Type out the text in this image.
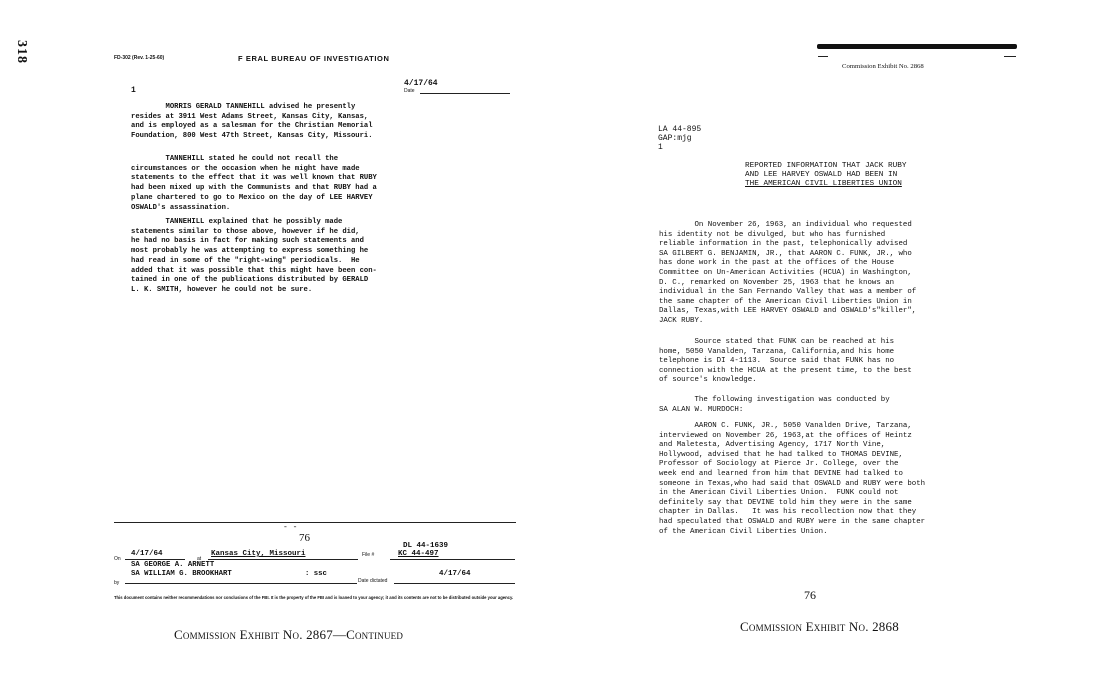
318	FD-302 (Rev. 1-25-60)	F ERAL BUREAU OF INVESTIGATION
4/17/64
Date
1
MORRIS GERALD TANNEHILL advised he presently
resides at 3911 West Adams Street, Kansas City, Kansas,
and is employed as a salesman for the Christian Memorial
Foundation, 800 West 47th Street, Kansas City, Missouri.
TANNEHILL stated he could not recall the
circumstances or the occasion when he might have made
statements to the effect that it was well known that RUBY
had been mixed up with the Communists and that RUBY had a
plane chartered to go to Mexico on the day of LEE HARVEY
OSWALD's assassination.
TANNEHILL explained that he possibly made
statements similar to those above, however if he did,
he had no basis in fact for making such statements and
most probably he was attempting to express something he
had read in some of the "right-wing" periodicals.  He
added that it was possible that this might have been con-
tained in one of the publications distributed by GERALD
L. K. SMITH, however he could not be sure.
- -
76
DL 44-1639
On
4/17/64
at
Kansas City, Missouri	File #	KC 44-497
SA GEORGE A. ARNETT
SA WILLIAM G. BROOKHART	: ssc
by	Date dictated
4/17/64
This document contains neither recommendations nor conclusions of the FBI. It is the property of the FBI and is loaned to your agency; it and its contents are not to be distributed outside your agency.
Commission Exhibit No. 2867—Continued
Commission Exhibit No. 2868
LA 44-895
GAP:mjg
1
REPORTED INFORMATION THAT JACK RUBY
AND LEE HARVEY OSWALD HAD BEEN IN
THE AMERICAN CIVIL LIBERTIES UNION
On November 26, 1963, an individual who requested
his identity not be divulged, but who has furnished
reliable information in the past, telephonically advised
SA GILBERT G. BENJAMIN, JR., that AARON C. FUNK, JR., who
has done work in the past at the offices of the House
Committee on Un-American Activities (HCUA) in Washington,
D. C., remarked on November 25, 1963 that he knows an
individual in the San Fernando Valley that was a member of
the same chapter of the American Civil Liberties Union in
Dallas, Texas,with LEE HARVEY OSWALD and OSWALD's"killer",
JACK RUBY.
Source stated that FUNK can be reached at his
home, 5050 Vanalden, Tarzana, California,and his home
telephone is DI 4-1113.  Source said that FUNK has no
connection with the HCUA at the present time, to the best
of source's knowledge.
The following investigation was conducted by
SA ALAN W. MURDOCH:
AARON C. FUNK, JR., 5050 Vanalden Drive, Tarzana,
interviewed on November 26, 1963,at the offices of Heintz
and Maletesta, Advertising Agency, 1717 North Vine,
Hollywood, advised that he had talked to THOMAS DEVINE,
Professor of Sociology at Pierce Jr. College, over the
week end and learned from him that DEVINE had talked to
someone in Texas,who had said that OSWALD and RUBY were both
in the American Civil Liberties Union.  FUNK could not
definitely say that DEVINE told him they were in the same
chapter in Dallas.   It was his recollection now that they
had speculated that OSWALD and RUBY were in the same chapter
of the American Civil Liberties Union.
76
Commission Exhibit No. 2868
